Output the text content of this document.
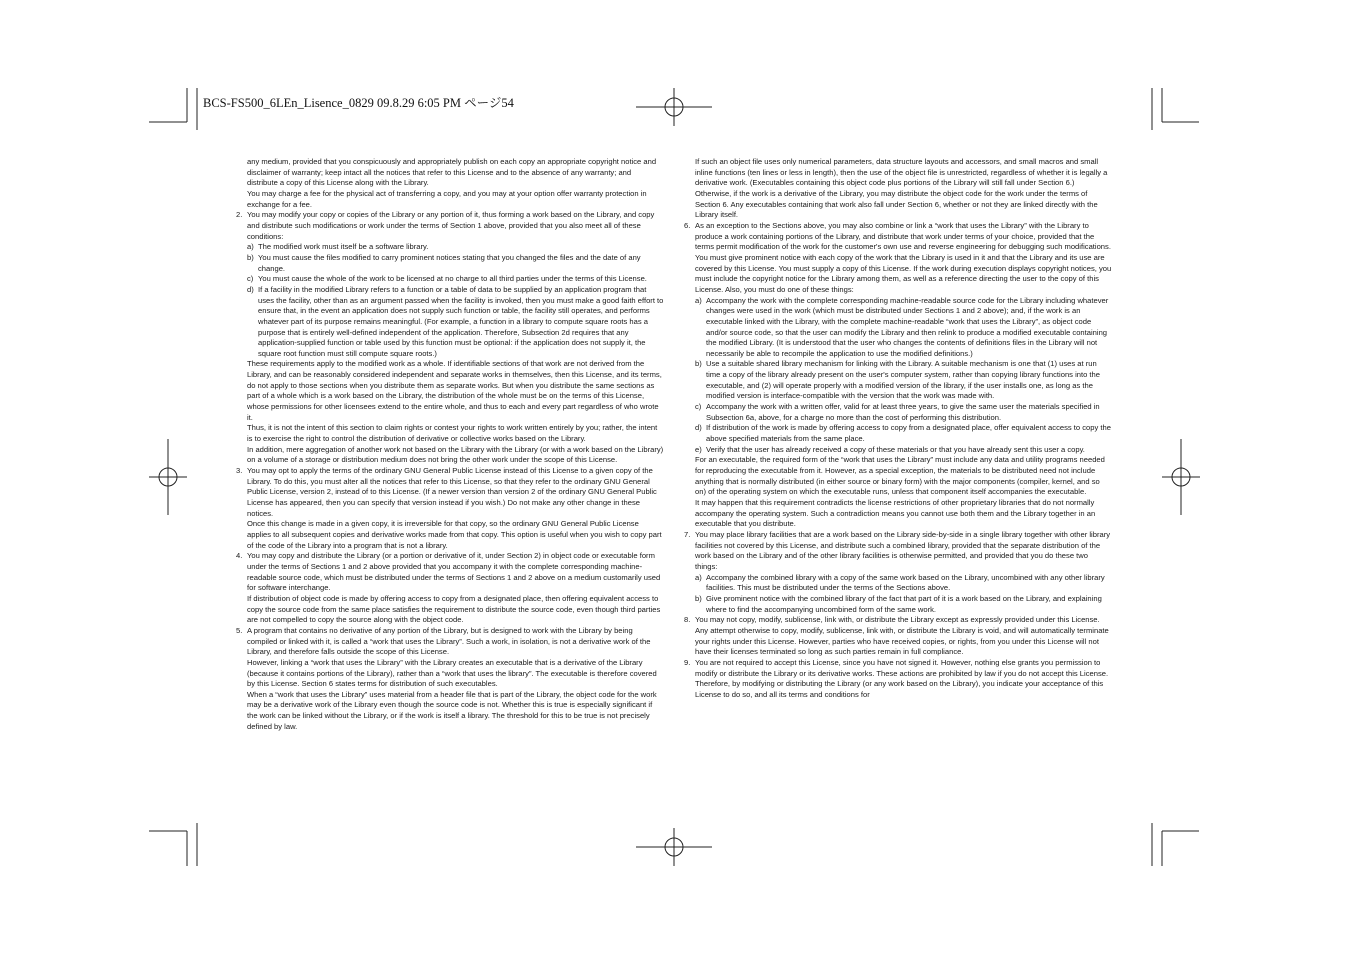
BCS-FS500_6LEn_Lisence_0829 09.8.29 6:05 PM ページ54

any medium, provided that you conspicuously and appropriately publish on each copy an appropriate copyright notice and disclaimer of warranty; keep intact all the notices that refer to this License and to the absence of any warranty; and distribute a copy of this License along with the Library.

You may charge a fee for the physical act of transferring a copy, and you may at your option offer warranty protection in exchange for a fee.

2. You may modify your copy or copies of the Library or any portion of it, thus forming a work based on the Library, and copy and distribute such modifications or work under the terms of Section 1 above, provided that you also meet all of these conditions:

a) The modified work must itself be a software library.

b) You must cause the files modified to carry prominent notices stating that you changed the files and the date of any change.

c) You must cause the whole of the work to be licensed at no charge to all third parties under the terms of this License.

d) If a facility in the modified Library refers to a function or a table of data to be supplied by an application program that uses the facility, other than as an argument passed when the facility is invoked, then you must make a good faith effort to ensure that, in the event an application does not supply such function or table, the facility still operates, and performs whatever part of its purpose remains meaningful. (For example, a function in a library to compute square roots has a purpose that is entirely well-defined independent of the application. Therefore, Subsection 2d requires that any application-supplied function or table used by this function must be optional: if the application does not supply it, the square root function must still compute square roots.)

These requirements apply to the modified work as a whole. If identifiable sections of that work are not derived from the Library, and can be reasonably considered independent and separate works in themselves, then this License, and its terms, do not apply to those sections when you distribute them as separate works. But when you distribute the same sections as part of a whole which is a work based on the Library, the distribution of the whole must be on the terms of this License, whose permissions for other licensees extend to the entire whole, and thus to each and every part regardless of who wrote it.

Thus, it is not the intent of this section to claim rights or contest your rights to work written entirely by you; rather, the intent is to exercise the right to control the distribution of derivative or collective works based on the Library.

In addition, mere aggregation of another work not based on the Library with the Library (or with a work based on the Library) on a volume of a storage or distribution medium does not bring the other work under the scope of this License.

3. You may opt to apply the terms of the ordinary GNU General Public License instead of this License to a given copy of the Library. To do this, you must alter all the notices that refer to this License, so that they refer to the ordinary GNU General Public License, version 2, instead of to this License. (If a newer version than version 2 of the ordinary GNU General Public License has appeared, then you can specify that version instead if you wish.) Do not make any other change in these notices.

Once this change is made in a given copy, it is irreversible for that copy, so the ordinary GNU General Public License applies to all subsequent copies and derivative works made from that copy. This option is useful when you wish to copy part of the code of the Library into a program that is not a library.

4. You may copy and distribute the Library (or a portion or derivative of it, under Section 2) in object code or executable form under the terms of Sections 1 and 2 above provided that you accompany it with the complete corresponding machine-readable source code, which must be distributed under the terms of Sections 1 and 2 above on a medium customarily used for software interchange.

If distribution of object code is made by offering access to copy from a designated place, then offering equivalent access to copy the source code from the same place satisfies the requirement to distribute the source code, even though third parties are not compelled to copy the source along with the object code.

5. A program that contains no derivative of any portion of the Library, but is designed to work with the Library by being compiled or linked with it, is called a “work that uses the Library”. Such a work, in isolation, is not a derivative work of the Library, and therefore falls outside the scope of this License.

However, linking a “work that uses the Library” with the Library creates an executable that is a derivative of the Library (because it contains portions of the Library), rather than a “work that uses the library”. The executable is therefore covered by this License. Section 6 states terms for distribution of such executables.

When a “work that uses the Library” uses material from a header file that is part of the Library, the object code for the work may be a derivative work of the Library even though the source code is not. Whether this is true is especially significant if the work can be linked without the Library, or if the work is itself a library. The threshold for this to be true is not precisely defined by law.

If such an object file uses only numerical parameters, data structure layouts and accessors, and small macros and small inline functions (ten lines or less in length), then the use of the object file is unrestricted, regardless of whether it is legally a derivative work. (Executables containing this object code plus portions of the Library will still fall under Section 6.)

Otherwise, if the work is a derivative of the Library, you may distribute the object code for the work under the terms of Section 6. Any executables containing that work also fall under Section 6, whether or not they are linked directly with the Library itself.

6. As an exception to the Sections above, you may also combine or link a “work that uses the Library” with the Library to produce a work containing portions of the Library, and distribute that work under terms of your choice, provided that the terms permit modification of the work for the customer's own use and reverse engineering for debugging such modifications.

You must give prominent notice with each copy of the work that the Library is used in it and that the Library and its use are covered by this License. You must supply a copy of this License. If the work during execution displays copyright notices, you must include the copyright notice for the Library among them, as well as a reference directing the user to the copy of this License. Also, you must do one of these things:

a) Accompany the work with the complete corresponding machine-readable source code for the Library including whatever changes were used in the work (which must be distributed under Sections 1 and 2 above); and, if the work is an executable linked with the Library, with the complete machine-readable “work that uses the Library”, as object code and/or source code, so that the user can modify the Library and then relink to produce a modified executable containing the modified Library. (It is understood that the user who changes the contents of definitions files in the Library will not necessarily be able to recompile the application to use the modified definitions.)

b) Use a suitable shared library mechanism for linking with the Library. A suitable mechanism is one that (1) uses at run time a copy of the library already present on the user's computer system, rather than copying library functions into the executable, and (2) will operate properly with a modified version of the library, if the user installs one, as long as the modified version is interface-compatible with the version that the work was made with.

c) Accompany the work with a written offer, valid for at least three years, to give the same user the materials specified in Subsection 6a, above, for a charge no more than the cost of performing this distribution.

d) If distribution of the work is made by offering access to copy from a designated place, offer equivalent access to copy the above specified materials from the same place.

e) Verify that the user has already received a copy of these materials or that you have already sent this user a copy.

For an executable, the required form of the “work that uses the Library” must include any data and utility programs needed for reproducing the executable from it. However, as a special exception, the materials to be distributed need not include anything that is normally distributed (in either source or binary form) with the major components (compiler, kernel, and so on) of the operating system on which the executable runs, unless that component itself accompanies the executable.

It may happen that this requirement contradicts the license restrictions of other proprietary libraries that do not normally accompany the operating system. Such a contradiction means you cannot use both them and the Library together in an executable that you distribute.

7. You may place library facilities that are a work based on the Library side-by-side in a single library together with other library facilities not covered by this License, and distribute such a combined library, provided that the separate distribution of the work based on the Library and of the other library facilities is otherwise permitted, and provided that you do these two things:

a) Accompany the combined library with a copy of the same work based on the Library, uncombined with any other library facilities. This must be distributed under the terms of the Sections above.

b) Give prominent notice with the combined library of the fact that part of it is a work based on the Library, and explaining where to find the accompanying uncombined form of the same work.

8. You may not copy, modify, sublicense, link with, or distribute the Library except as expressly provided under this License. Any attempt otherwise to copy, modify, sublicense, link with, or distribute the Library is void, and will automatically terminate your rights under this License. However, parties who have received copies, or rights, from you under this License will not have their licenses terminated so long as such parties remain in full compliance.

9. You are not required to accept this License, since you have not signed it. However, nothing else grants you permission to modify or distribute the Library or its derivative works. These actions are prohibited by law if you do not accept this License. Therefore, by modifying or distributing the Library (or any work based on the Library), you indicate your acceptance of this License to do so, and all its terms and conditions for
